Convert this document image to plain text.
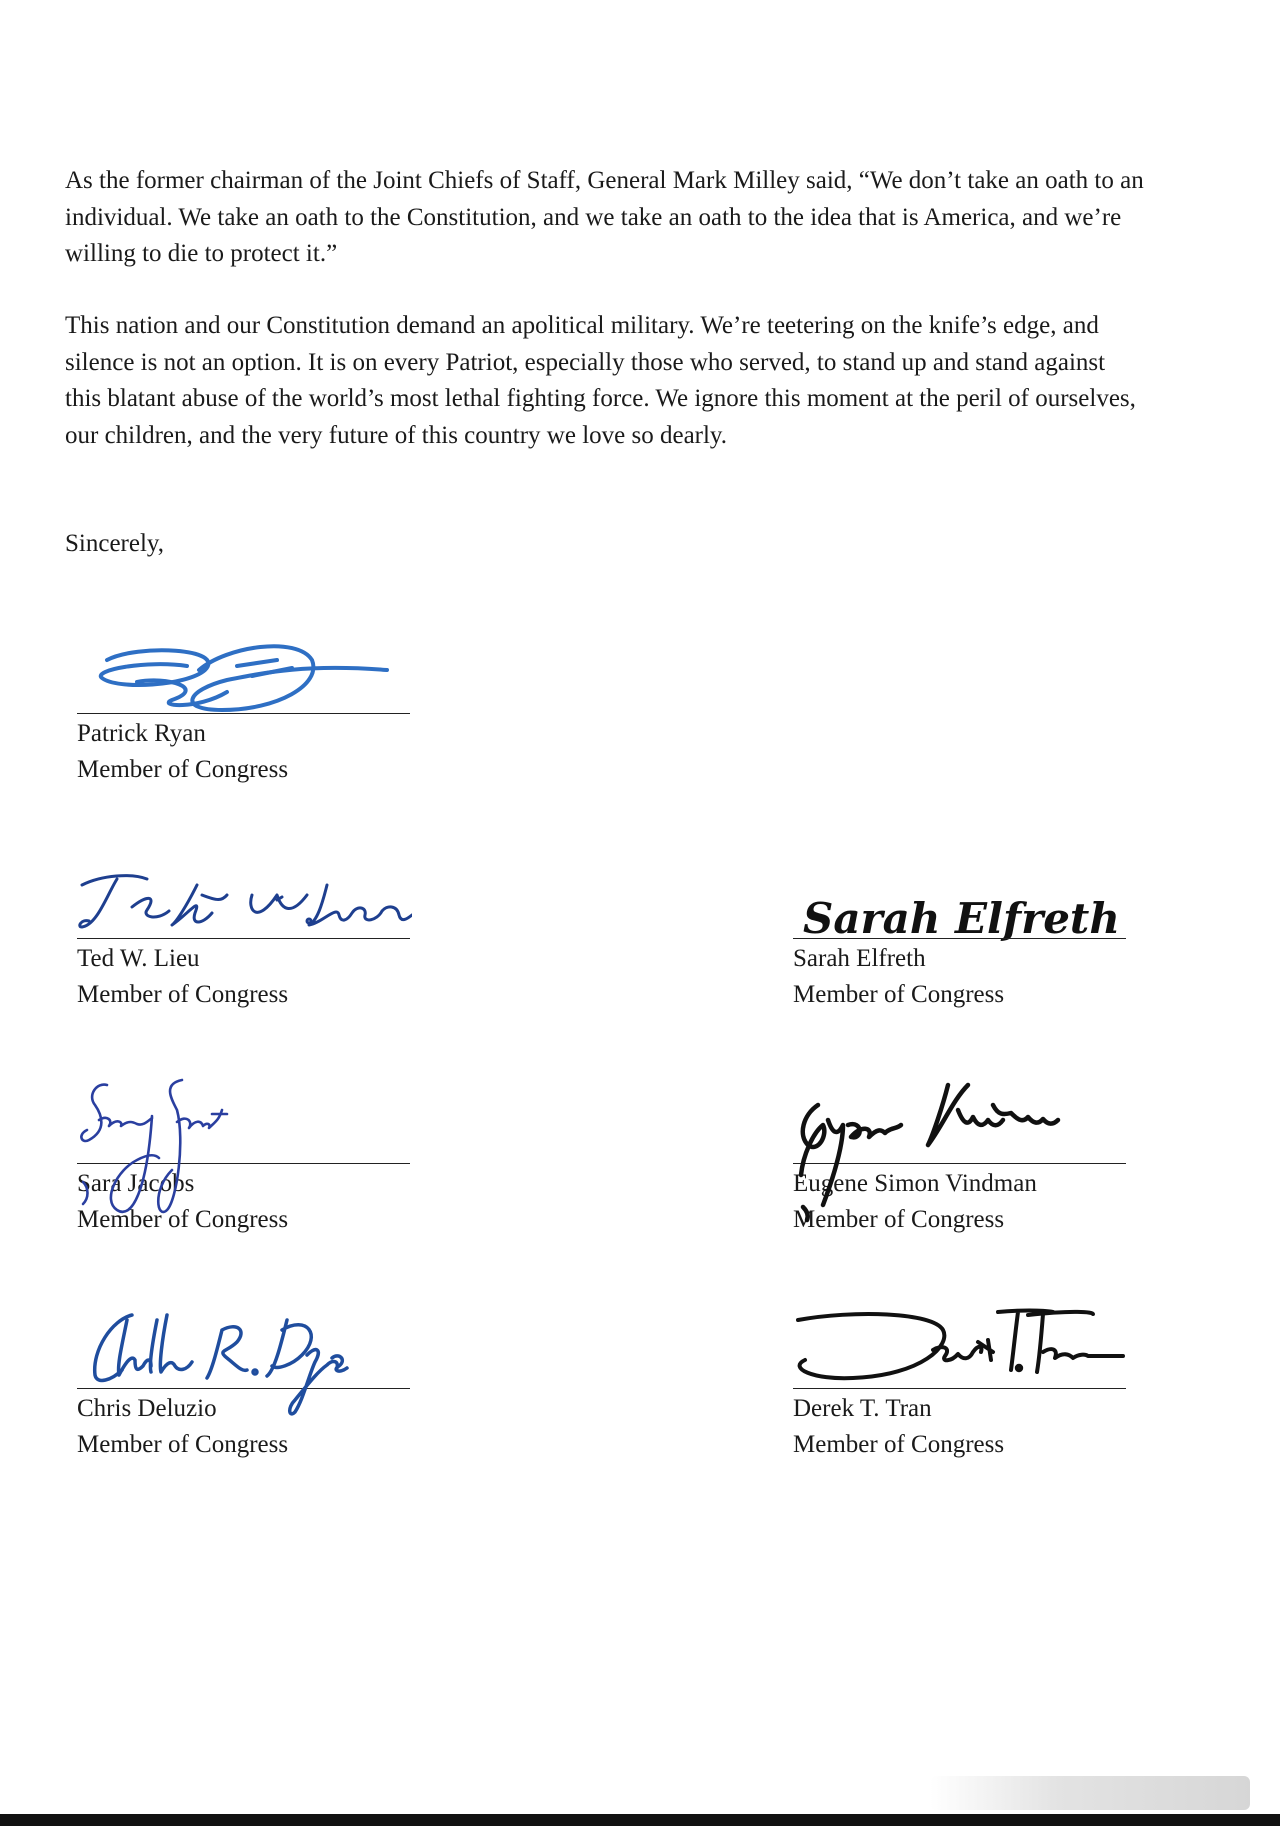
As the former chairman of the Joint Chiefs of Staff, General Mark Milley said, “We don’t take an oath to an individual. We take an oath to the Constitution, and we take an oath to the idea that is America, and we’re willing to die to protect it.”

This nation and our Constitution demand an apolitical military. We’re teetering on the knife’s edge, and silence is not an option. It is on every Patriot, especially those who served, to stand up and stand against this blatant abuse of the world’s most lethal fighting force. We ignore this moment at the peril of ourselves, our children, and the very future of this country we love so dearly.

Sincerely,
Patrick Ryan
Member of Congress
Ted W. Lieu
Member of Congress
Sarah Elfreth
Sarah Elfreth
Member of Congress
Sara Jacobs
Member of Congress
Eugene Simon Vindman
Member of Congress
Chris Deluzio
Member of Congress
Derek T. Tran
Member of Congress
